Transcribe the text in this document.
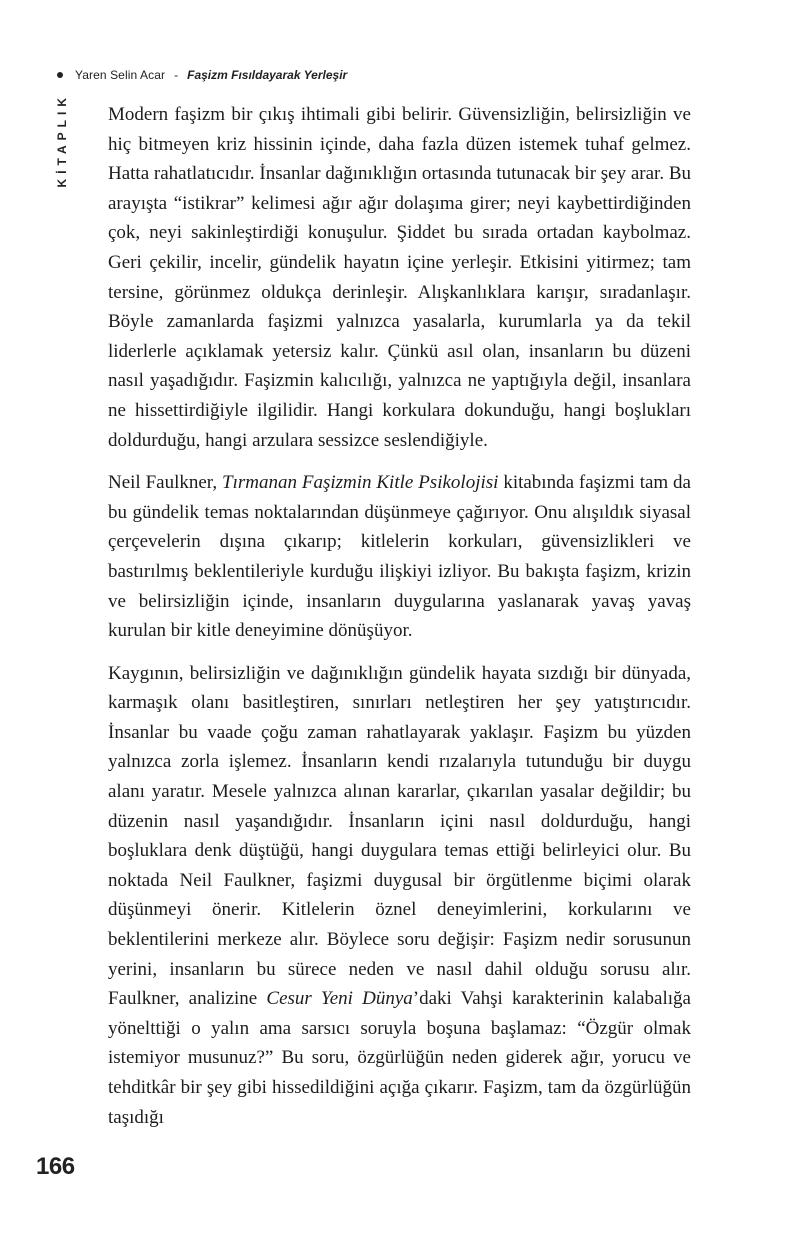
Yaren Selin Acar - Faşizm Fısıldayarak Yerleşir
KİTAPLIK Modern faşizm bir çıkış ihtimali gibi belirir. Güvensizliğin, belirsizliğin ve hiç bitmeyen kriz hissinin içinde, daha fazla düzen istemek tuhaf gelmez. Hatta rahatlatıcıdır. İnsanlar dağınıklığın ortasında tutunacak bir şey arar. Bu arayışta “istikrar” kelimesi ağır ağır dolaşıma girer; neyi kaybettirdiğinden çok, neyi sakinleştirdiği konuşulur. Şiddet bu sırada ortadan kaybolmaz. Geri çekilir, incelir, gündelik hayatın içine yerleşir. Etkisini yitirmez; tam tersine, görünmez oldukça derinleşir. Alışkanlıklara karışır, sıradanlaşır. Böyle zamanlarda faşizmi yalnızca yasalarla, kurumlarla ya da tekil liderlerle açıklamak yetersiz kalır. Çünkü asıl olan, insanların bu düzeni nasıl yaşadığıdır. Faşizmin kalıcılığı, yalnızca ne yaptığıyla değil, insanlara ne hissettirdiğiyle ilgilidir. Hangi korkulara dokunduğu, hangi boşlukları doldurduğu, hangi arzulara sessizce seslendiğiyle.

Neil Faulkner, Tırmanan Faşizmin Kitle Psikolojisi kitabında faşizmi tam da bu gündelik temas noktalarından düşünmeye çağırıyor. Onu alışıldık siyasal çerçevelerin dışına çıkarıp; kitlelerin korkuları, güvensizlikleri ve bastırılmış beklentileriyle kurduğu ilişkiyi izliyor. Bu bakışta faşizm, krizin ve belirsizliğin içinde, insanların duygularına yaslanarak yavaş yavaş kurulan bir kitle deneyimine dönüşüyor.

Kaygının, belirsizliğin ve dağınıklığın gündelik hayata sızdığı bir dünyada, karmaşık olanı basitleştiren, sınırları netleştiren her şey yatıştırıcıdır. İnsanlar bu vaade çoğu zaman rahatlayarak yaklaşır. Faşizm bu yüzden yalnızca zorla işlemez. İnsanların kendi rızalarıyla tutunduğu bir duygu alanı yaratır. Mesele yalnızca alınan kararlar, çıkarılan yasalar değildir; bu düzenin nasıl yaşandığıdır. İnsanların içini nasıl doldurduğu, hangi boşluklara denk düştüğü, hangi duygulara temas ettiği belirleyici olur. Bu noktada Neil Faulkner, faşizmi duygusal bir örgütlenme biçimi olarak düşünmeyi önerir. Kitlelerin öznel deneyimlerini, korkularını ve beklentilerini merkeze alır. Böylece soru değişir: Faşizm nedir sorusunun yerini, insanların bu sürece neden ve nasıl dahil olduğu sorusu alır. Faulkner, analizine Cesur Yeni Dünya’daki Vahşi karakterinin kalabalığa yönelttiği o yalın ama sarsıcı soruyla boşuna başlamaz: “Özgür olmak istemiyor musunuz?” Bu soru, özgürlüğün neden giderek ağır, yorucu ve tehditkâr bir şey gibi hissedildiğini açığa çıkarır. Faşizm, tam da özgürlüğün taşıdığı

166
